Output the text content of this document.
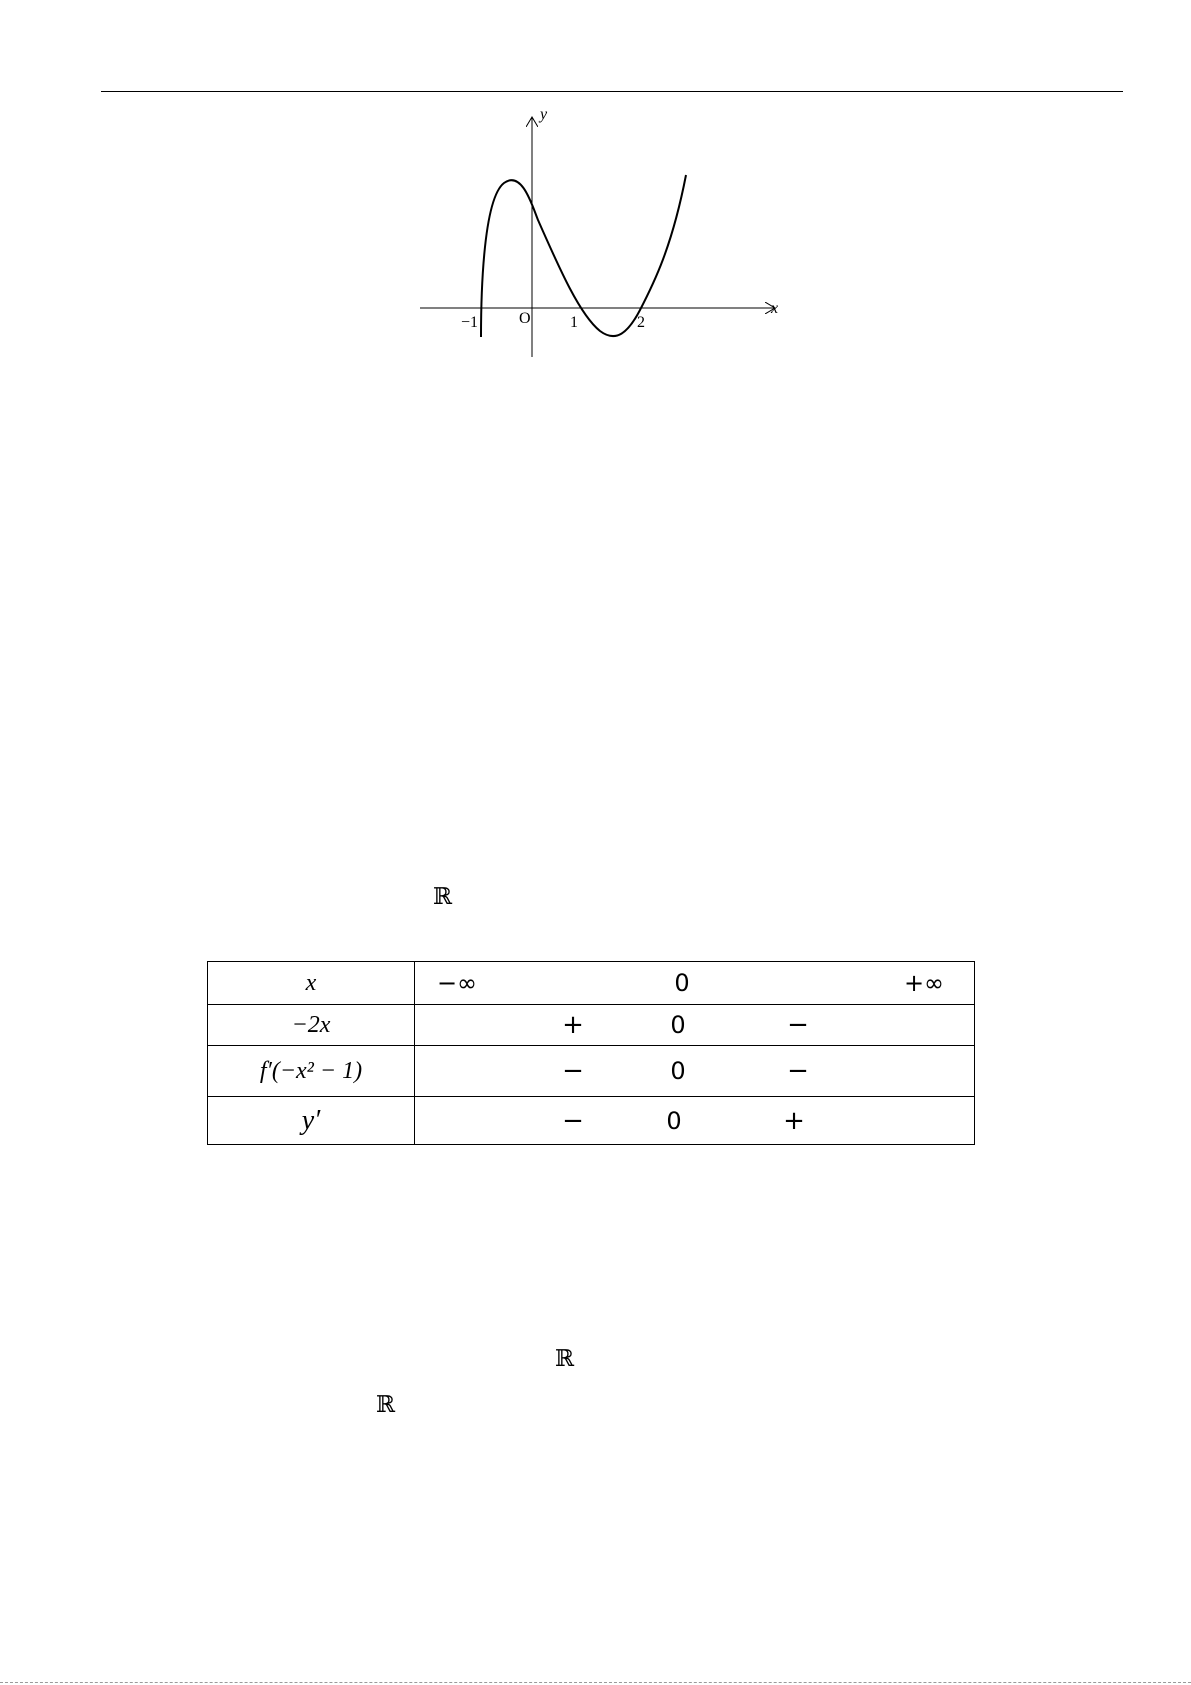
y
x
O
−1	1	2
ℝ
ℝ
ℝ
x	−∞ 0 +∞

−2x	+ 0 −

f′(−x² − 1)	− 0 −

y′	− 0 +
